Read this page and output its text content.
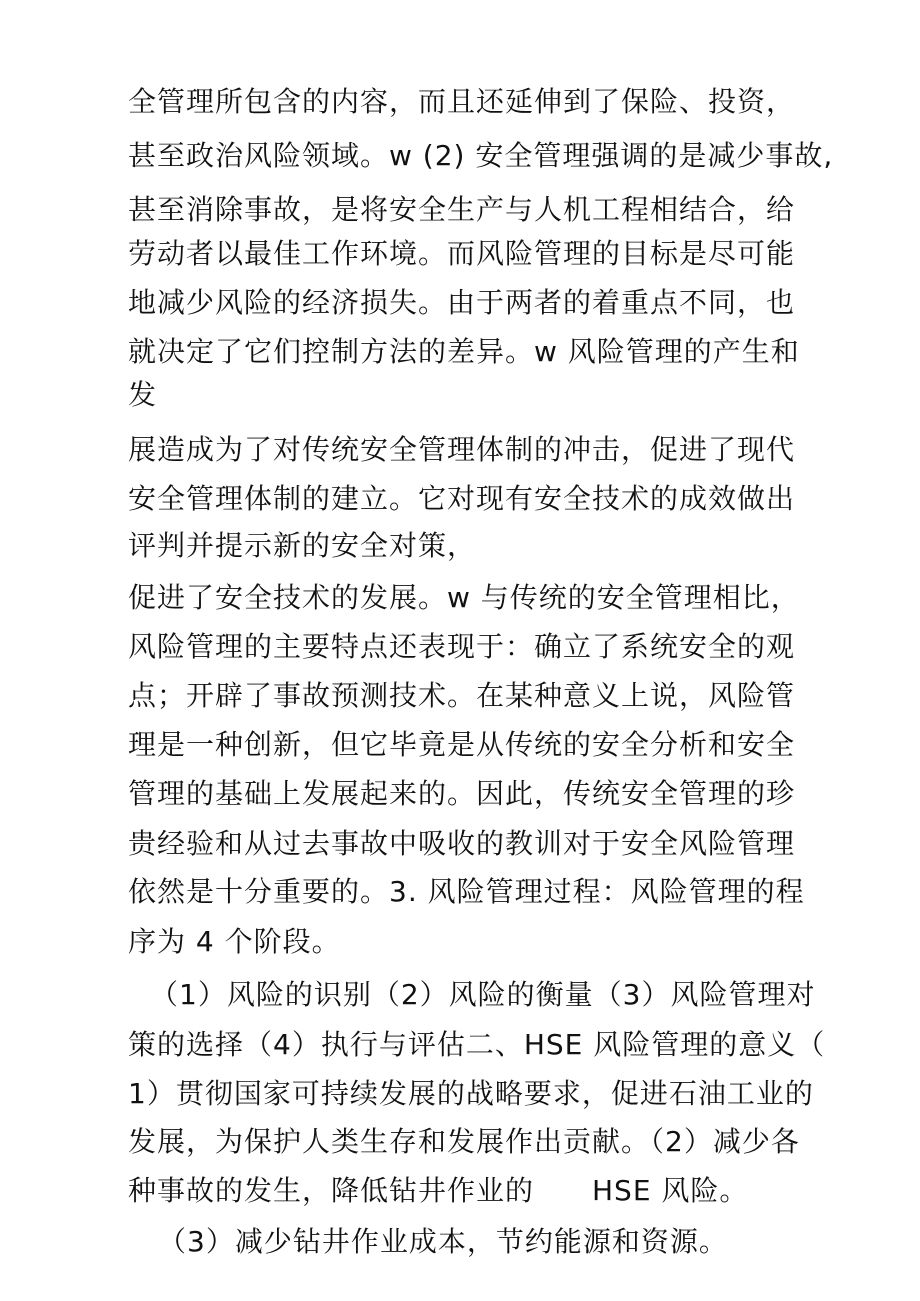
全管理所包含的内容，而且还延伸到了保险、投资，
甚至政治风险领域。w (2) 安全管理强调的是减少事故,
甚至消除事故，是将安全生产与人机工程相结合，给
劳动者以最佳工作环境。而风险管理的目标是尽可能
地减少风险的经济损失。由于两者的着重点不同，也
就决定了它们控制方法的差异。w 风险管理的产生和
发
展造成为了对传统安全管理体制的冲击，促进了现代
安全管理体制的建立。它对现有安全技术的成效做出
评判并提示新的安全对策，
促进了安全技术的发展。w 与传统的安全管理相比，
风险管理的主要特点还表现于：确立了系统安全的观
点；开辟了事故预测技术。在某种意义上说，风险管
理是一种创新，但它毕竟是从传统的安全分析和安全
管理的基础上发展起来的。因此，传统安全管理的珍
贵经验和从过去事故中吸收的教训对于安全风险管理
依然是十分重要的。3. 风险管理过程：风险管理的程
序为 4 个阶段。
（1）风险的识别（2）风险的衡量（3）风险管理对
策的选择（4）执行与评估二、HSE 风险管理的意义（
1）贯彻国家可持续发展的战略要求，促进石油工业的
发展，为保护人类生存和发展作出贡献。（2）减少各
种事故的发生，降低钻井作业的　　HSE 风险。
（3）减少钻井作业成本，节约能源和资源。
